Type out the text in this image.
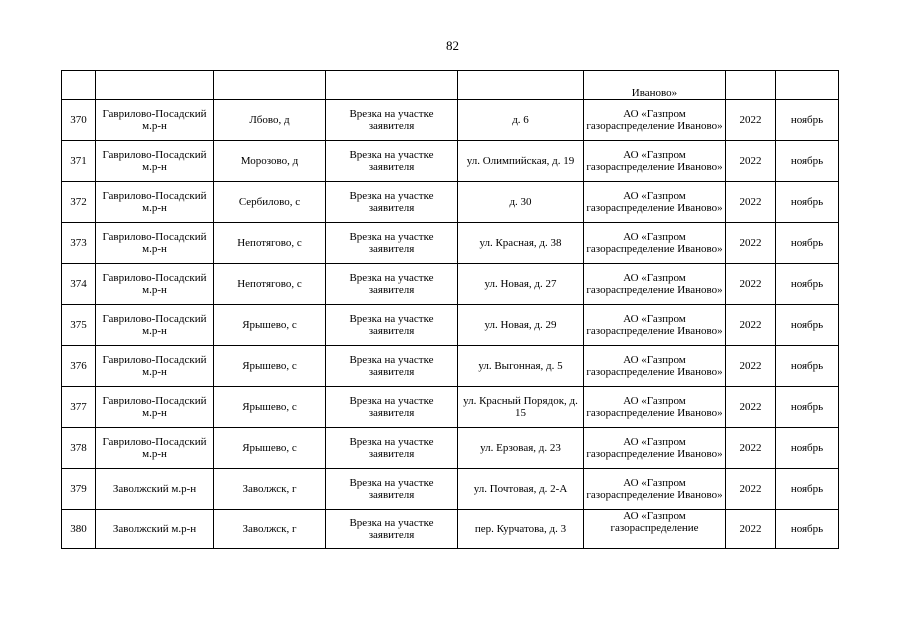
82
					Иваново»		
370	Гаврилово-Посадский м.р-н	Лбово, д	Врезка на участке заявителя	д. 6	АО «Газпром газораспределение Иваново»	2022	ноябрь
371	Гаврилово-Посадский м.р-н	Морозово, д	Врезка на участке заявителя	ул. Олимпийская, д. 19	АО «Газпром газораспределение Иваново»	2022	ноябрь
372	Гаврилово-Посадский м.р-н	Сербилово, с	Врезка на участке заявителя	д. 30	АО «Газпром газораспределение Иваново»	2022	ноябрь
373	Гаврилово-Посадский м.р-н	Непотягово, с	Врезка на участке заявителя	ул. Красная, д. 38	АО «Газпром газораспределение Иваново»	2022	ноябрь
374	Гаврилово-Посадский м.р-н	Непотягово, с	Врезка на участке заявителя	ул. Новая, д. 27	АО «Газпром газораспределение Иваново»	2022	ноябрь
375	Гаврилово-Посадский м.р-н	Ярышево, с	Врезка на участке заявителя	ул. Новая, д. 29	АО «Газпром газораспределение Иваново»	2022	ноябрь
376	Гаврилово-Посадский м.р-н	Ярышево, с	Врезка на участке заявителя	ул. Выгонная, д. 5	АО «Газпром газораспределение Иваново»	2022	ноябрь
377	Гаврилово-Посадский м.р-н	Ярышево, с	Врезка на участке заявителя	ул. Красный Порядок, д. 15	АО «Газпром газораспределение Иваново»	2022	ноябрь
378	Гаврилово-Посадский м.р-н	Ярышево, с	Врезка на участке заявителя	ул. Ерзовая, д. 23	АО «Газпром газораспределение Иваново»	2022	ноябрь
379	Заволжский м.р-н	Заволжск, г	Врезка на участке заявителя	ул. Почтовая, д. 2-А	АО «Газпром газораспределение Иваново»	2022	ноябрь
380	Заволжский м.р-н	Заволжск, г	Врезка на участке заявителя	пер. Курчатова, д. 3	АО «Газпром газораспределение	2022	ноябрь
